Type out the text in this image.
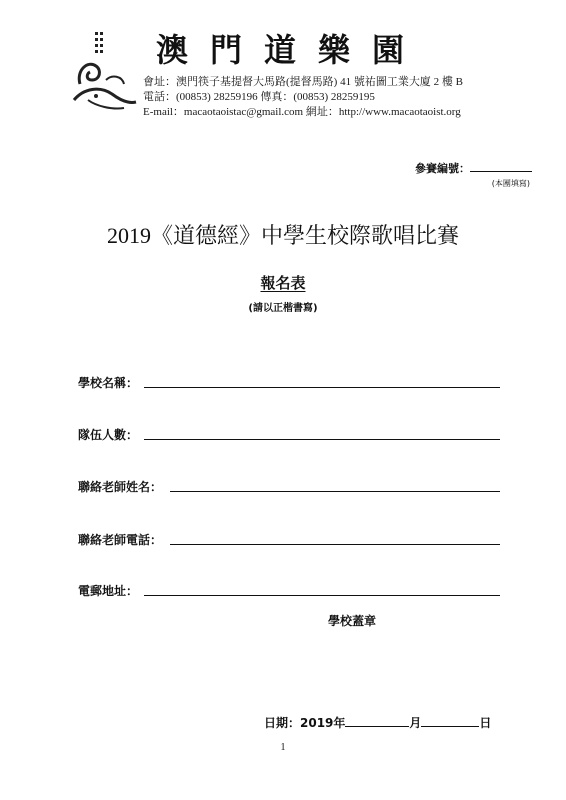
澳門道樂園
會址：澳門筷子基提督大馬路(提督馬路) 41 號祐圖工業大廈 2 樓 B
電話：(00853) 28259196 傳真：(00853) 28259195
E-mail：macaotaoistac@gmail.com 網址：http://www.macaotaoist.org
參賽編號：
(本團填寫)
2019《道德經》中學生校際歌唱比賽
報名表
(請以正楷書寫)
學校名稱：
隊伍人數：
聯絡老師姓名：
聯絡老師電話：
電郵地址：
學校蓋章
日期：2019年	月	日
1
